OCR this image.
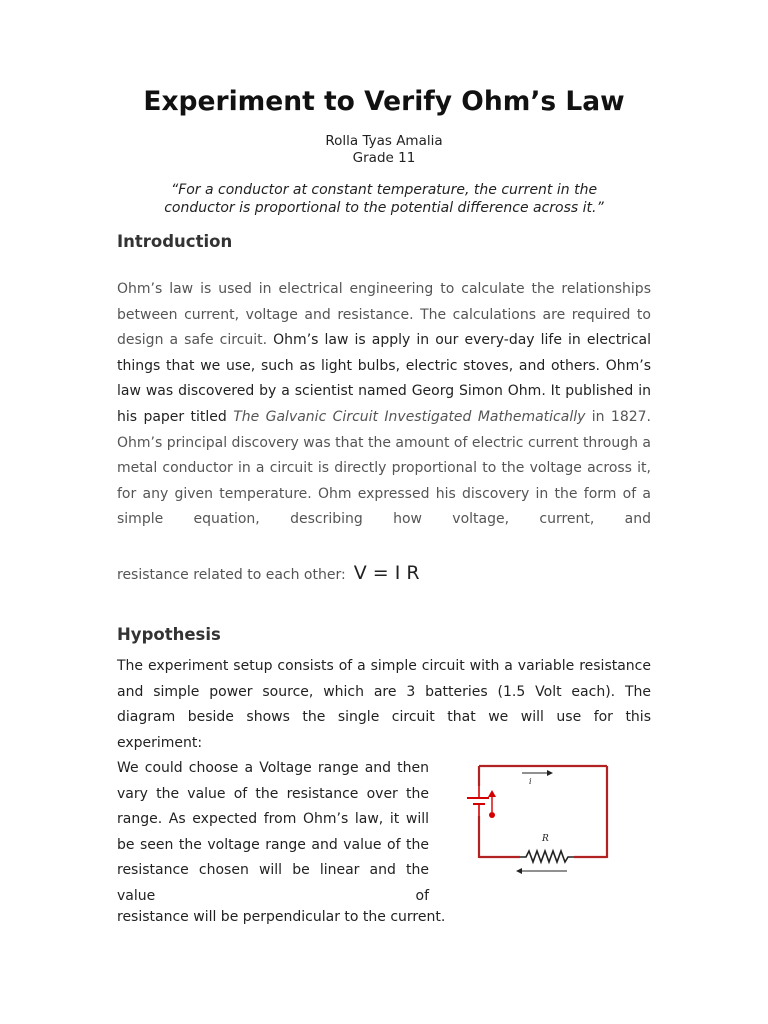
Experiment to Verify Ohm’s Law
Rolla Tyas Amalia
Grade 11
“For a conductor at constant temperature, the current in the
conductor is proportional to the potential difference across it.”
Introduction

Ohm’s law is used in electrical engineering to calculate the relationships between current, voltage and resistance. The calculations are required to design a safe circuit. Ohm’s law is apply in our every-day life in electrical things that we use, such as light bulbs, electric stoves, and others. Ohm’s law was discovered by a scientist named Georg Simon Ohm. It published in his paper titled The Galvanic Circuit Investigated Mathematically in 1827. Ohm’s principal discovery was that the amount of electric current through a metal conductor in a circuit is directly proportional to the voltage across it, for any given temperature. Ohm expressed his discovery in the form of a simple equation, describing how voltage, current, and

resistance related to each other: V = I R
Hypothesis

The experiment setup consists of a simple circuit with a variable resistance and simple power source, which are 3 batteries (1.5 Volt each). The diagram beside shows the single circuit that we will use for this experiment:

We could choose a Voltage range and then vary the value of the resistance over the range. As expected from Ohm’s law, it will be seen the voltage range and value of the resistance chosen will be linear and the value of

resistance will be perpendicular to the current.
i
R
